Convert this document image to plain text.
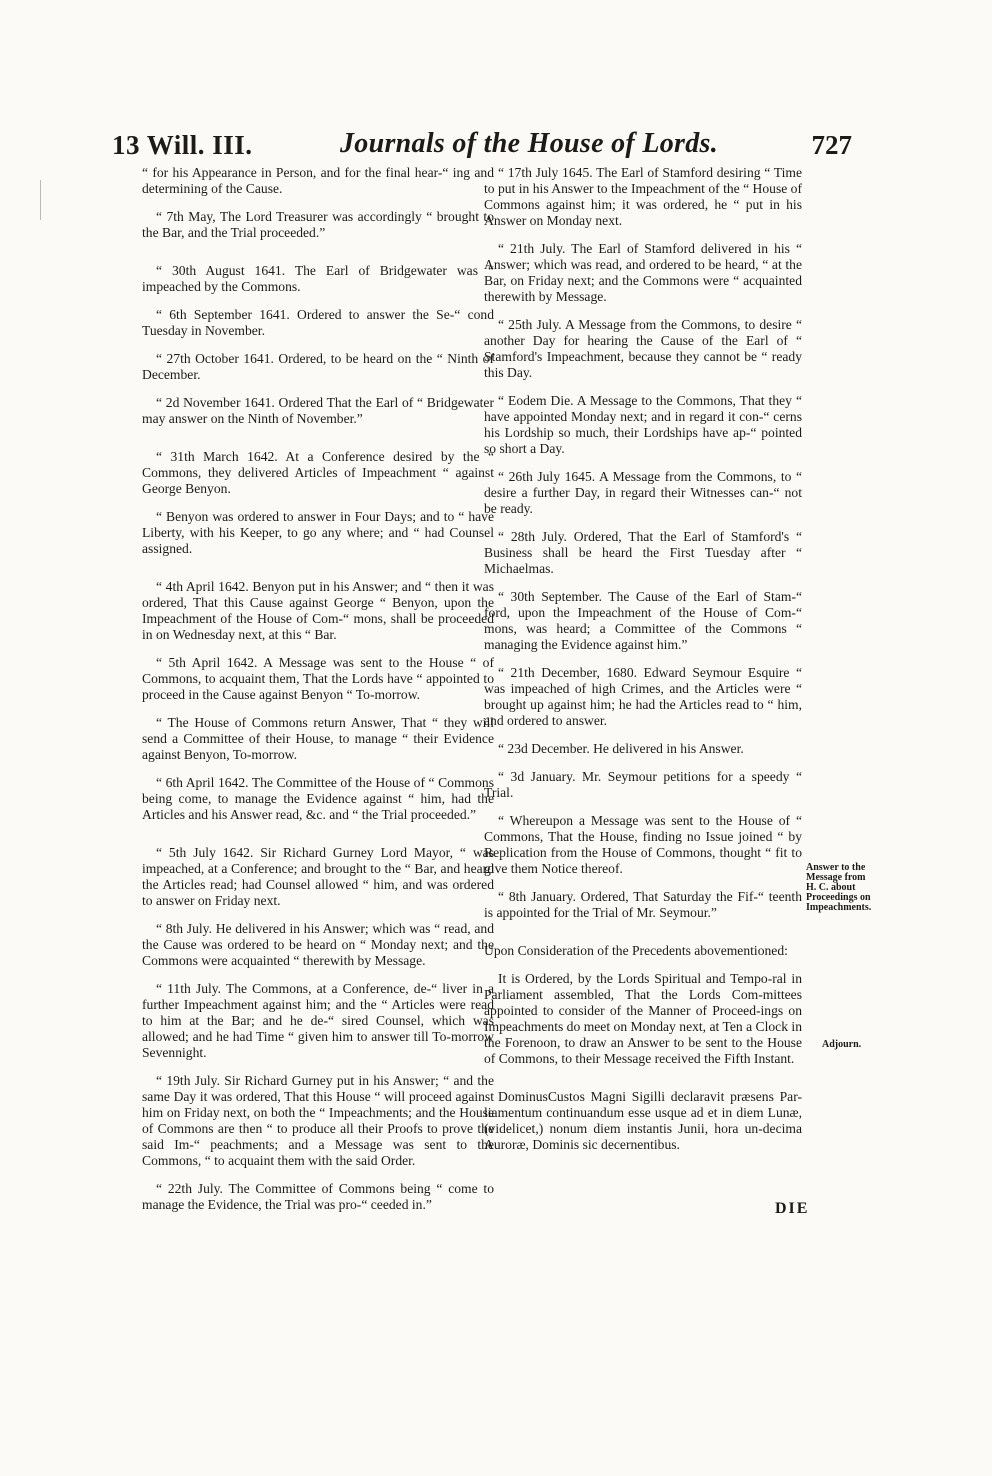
13 Will. III.	Journals of the House of Lords.	727

“ for his Appearance in Person, and for the final hear-“ ing and determining of the Cause.

“ 7th May, The Lord Treasurer was accordingly “ brought to the Bar, and the Trial proceeded.”

“ 30th August 1641. The Earl of Bridgewater was “ impeached by the Commons.

“ 6th September 1641. Ordered to answer the Se-“ cond Tuesday in November.

“ 27th October 1641. Ordered, to be heard on the “ Ninth of December.

“ 2d November 1641. Ordered That the Earl of “ Bridgewater may answer on the Ninth of November.”

“ 31th March 1642. At a Conference desired by the “ Commons, they delivered Articles of Impeachment “ against George Benyon.

“ Benyon was ordered to answer in Four Days; and to “ have Liberty, with his Keeper, to go any where; and “ had Counsel assigned.

“ 4th April 1642. Benyon put in his Answer; and “ then it was ordered, That this Cause against George “ Benyon, upon the Impeachment of the House of Com-“ mons, shall be proceeded in on Wednesday next, at this “ Bar.

“ 5th April 1642. A Message was sent to the House “ of Commons, to acquaint them, That the Lords have “ appointed to proceed in the Cause against Benyon “ To-morrow.

“ The House of Commons return Answer, That “ they will send a Committee of their House, to manage “ their Evidence against Benyon, To-morrow.

“ 6th April 1642. The Committee of the House of “ Commons being come, to manage the Evidence against “ him, had the Articles and his Answer read, &c. and “ the Trial proceeded.”

“ 5th July 1642. Sir Richard Gurney Lord Mayor, “ was impeached, at a Conference; and brought to the “ Bar, and heard the Articles read; had Counsel allowed “ him, and was ordered to answer on Friday next.

“ 8th July. He delivered in his Answer; which was “ read, and the Cause was ordered to be heard on “ Monday next; and the Commons were acquainted “ therewith by Message.

“ 11th July. The Commons, at a Conference, de-“ liver in a further Impeachment against him; and the “ Articles were read to him at the Bar; and he de-“ sired Counsel, which was allowed; and he had Time “ given him to answer till To-morrow Sevennight.

“ 19th July. Sir Richard Gurney put in his Answer; “ and the same Day it was ordered, That this House “ will proceed against him on Friday next, on both the “ Impeachments; and the House of Commons are then “ to produce all their Proofs to prove the said Im-“ peachments; and a Message was sent to the Commons, “ to acquaint them with the said Order.

“ 22th July. The Committee of Commons being “ come to manage the Evidence, the Trial was pro-“ ceeded in.”

“ 17th July 1645. The Earl of Stamford desiring “ Time to put in his Answer to the Impeachment of the “ House of Commons against him; it was ordered, he “ put in his Answer on Monday next.

“ 21th July. The Earl of Stamford delivered in his “ Answer; which was read, and ordered to be heard, “ at the Bar, on Friday next; and the Commons were “ acquainted therewith by Message.

“ 25th July. A Message from the Commons, to desire “ another Day for hearing the Cause of the Earl of “ Stamford's Impeachment, because they cannot be “ ready this Day.

“ Eodem Die. A Message to the Commons, That they “ have appointed Monday next; and in regard it con-“ cerns his Lordship so much, their Lordships have ap-“ pointed so short a Day.

“ 26th July 1645. A Message from the Commons, to “ desire a further Day, in regard their Witnesses can-“ not be ready.

“ 28th July. Ordered, That the Earl of Stamford's “ Business shall be heard the First Tuesday after “ Michaelmas.

“ 30th September. The Cause of the Earl of Stam-“ ford, upon the Impeachment of the House of Com-“ mons, was heard; a Committee of the Commons “ managing the Evidence against him.”

“ 21th December, 1680. Edward Seymour Esquire “ was impeached of high Crimes, and the Articles were “ brought up against him; he had the Articles read to “ him, and ordered to answer.

“ 23d December. He delivered in his Answer.

“ 3d January. Mr. Seymour petitions for a speedy “ Trial.

“ Whereupon a Message was sent to the House of “ Commons, That the House, finding no Issue joined “ by Replication from the House of Commons, thought “ fit to give them Notice thereof.

“ 8th January. Ordered, That Saturday the Fif-“ teenth is appointed for the Trial of Mr. Seymour.”

Upon Consideration of the Precedents abovementioned:

It is Ordered, by the Lords Spiritual and Tempo-ral in Parliament assembled, That the Lords Com-mittees appointed to consider of the Manner of Proceed-ings on Impeachments do meet on Monday next, at Ten a Clock in the Forenoon, to draw an Answer to be sent to the House of Commons, to their Message received the Fifth Instant.

DominusCustos Magni Sigilli declaravit præsens Par-liamentum continuandum esse usque ad et in diem Lunæ, (videlicet,) nonum diem instantis Junii, hora un-decima Auroræ, Dominis sic decernentibus.

Answer to the Message from H. C. about Proceedings on Impeachments.
Adjourn.
DIE
